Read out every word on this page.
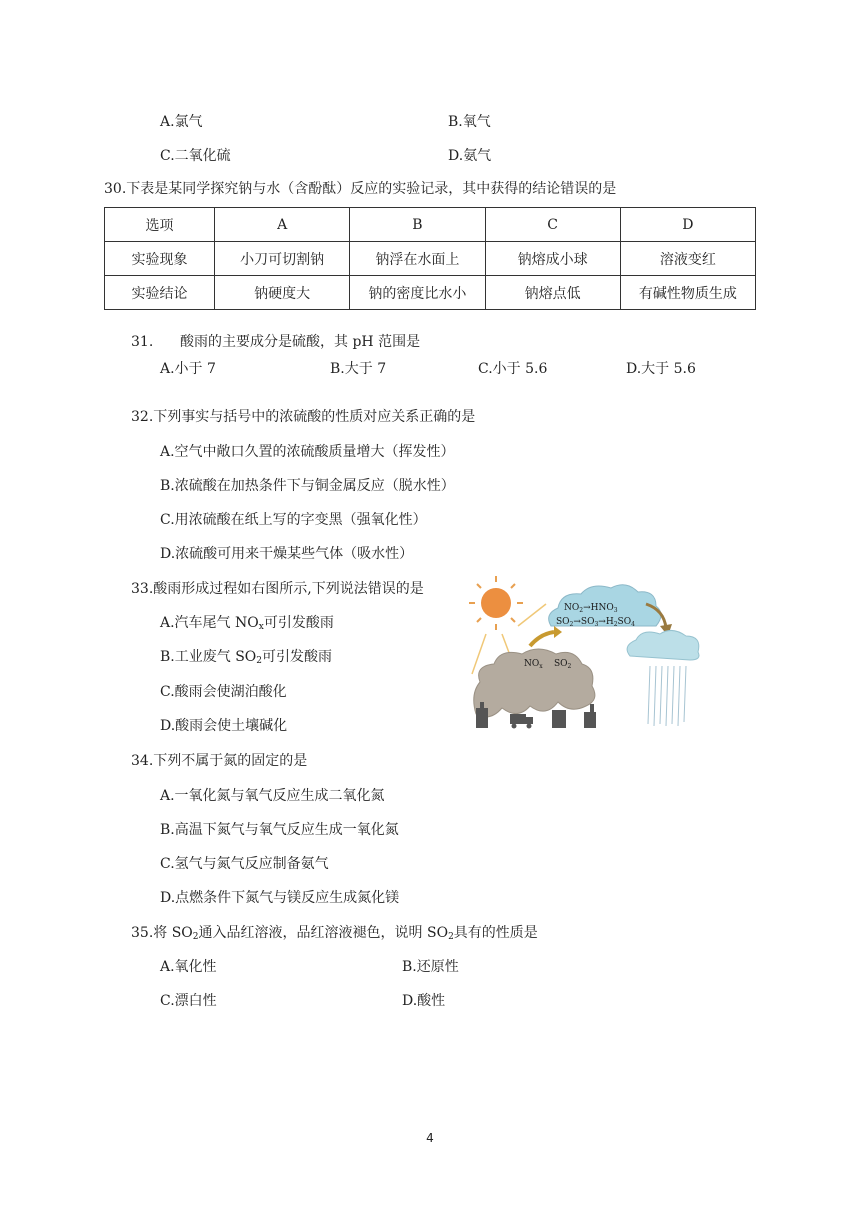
A.氯气	B.氧气
C.二氧化硫	D.氨气
30.下表是某同学探究钠与水（含酚酞）反应的实验记录，其中获得的结论错误的是
选项	A	B	C	D
实验现象	小刀可切割钠	钠浮在水面上	钠熔成小球	溶液变红
实验结论	钠硬度大	钠的密度比水小	钠熔点低	有碱性物质生成
31. 酸雨的主要成分是硫酸，其 pH 范围是
A.小于 7	B.大于 7	C.小于 5.6	D.大于 5.6
32.下列事实与括号中的浓硫酸的性质对应关系正确的是
A.空气中敞口久置的浓硫酸质量增大（挥发性）
B.浓硫酸在加热条件下与铜金属反应（脱水性）
C.用浓硫酸在纸上写的字变黑（强氧化性）
D.浓硫酸可用来干燥某些气体（吸水性）
33.酸雨形成过程如右图所示,下列说法错误的是
A.汽车尾气 $NO_x$可引发酸雨
B.工业废气 $SO_2$可引发酸雨
C.酸雨会使湖泊酸化
D.酸雨会使土壤碱化
$NO_2\to HNO_3$
$SO_2\to SO_3\to H_2SO_4$
$NO_x$ $SO_2$
34.下列不属于氮的固定的是
A.一氧化氮与氧气反应生成二氧化氮
B.高温下氮气与氧气反应生成一氧化氮
C.氢气与氮气反应制备氨气
D.点燃条件下氮气与镁反应生成氮化镁
35.将 $SO_2$通入品红溶液，品红溶液褪色，说明 $SO_2$具有的性质是
A.氧化性	B.还原性
C.漂白性	D.酸性
4
